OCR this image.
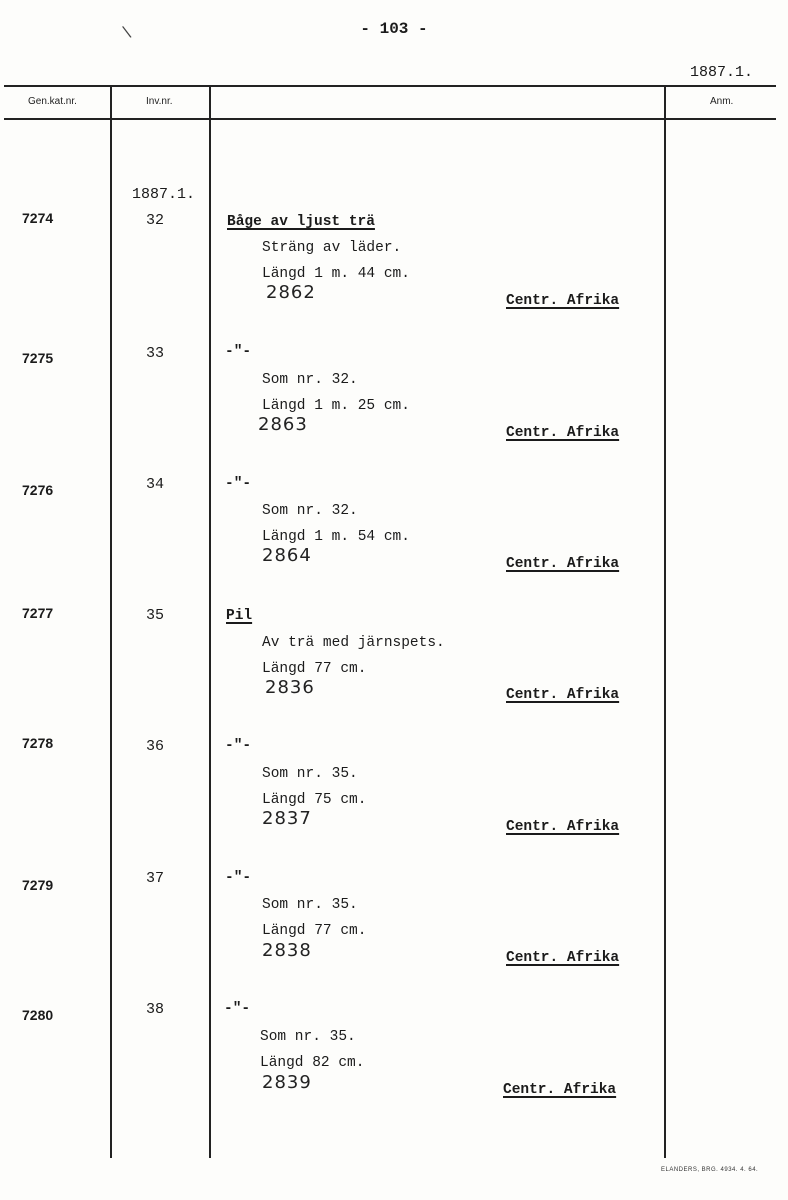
- 103 -
\
1887.1.
Gen.kat.nr.	Inv.nr.	Anm.
1887.1.
7274	32	Båge av ljust trä
Sträng av läder.
Längd 1 m. 44 cm.
2862	Centr. Afrika
7275	33	-"-
Som nr. 32.
Längd 1 m. 25 cm.
2863	Centr. Afrika
7276	34	-"-
Som nr. 32.
Längd 1 m. 54 cm.
2864	Centr. Afrika
7277	35	Pil
Av trä med järnspets.
Längd 77 cm.
2836	Centr. Afrika
7278	36	-"-
Som nr. 35.
Längd 75 cm.
2837	Centr. Afrika
7279	37	-"-
Som nr. 35.
Längd 77 cm.
2838	Centr. Afrika
7280	38	-"-
Som nr. 35.
Längd 82 cm.
2839	Centr. Afrika
ELANDERS, BRG. 4934. 4. 64.
